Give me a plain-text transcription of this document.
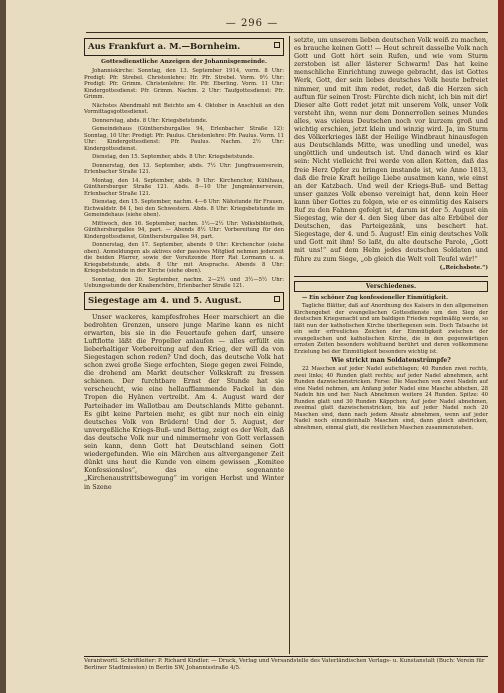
— 296 —
Aus Frankfurt a. M.—Bornheim.
Gottesdienstliche Anzeigen der Johannisgemeinde.

Johanniskirche: Sonntag, den 13. September 1914, vorm. 8 Uhr: Predigt: Pfr. Strebel. Christenlehre: Hr. Pfr. Strebel. Vorm. 9½ Uhr: Predigt: Pfr. Grimm. Christenlehre: Hr. Pfr. Eberling. Vorm. 11 Uhr: Kindergottesdienst: Pfr. Grimm. Nachm. 2 Uhr: Taufgottesdienst: Pfr. Grimm.

Nächstes Abendmahl mit Beichte am 4. Oktober in Anschluß an den Vormittagsgottesdienst.

Donnerstag, abds. 8 Uhr: Kriegsbetstunde.

Gemeindehaus (Günthersburgallee 94, Erlenbacher Straße 12): Sonntag, 10 Uhr: Predigt: Pfr. Paulus. Christenlehre: Pfr. Paulus. Vorm. 11 Uhr: Kindergottesdienst: Pfr. Paulus. Nachm. 2½ Uhr: Kindergottesdienst.

Dienstag, den 15. September, abds. 8 Uhr: Kriegsbetstunde.

Donnerstag, den 13. September, abds. 7½ Uhr: Jungfrauenverein, Erlenbacher Straße 121.

Montag, den 14. September, abds. 9 Uhr: Kirchenchor, Kühlhaus, Günthersburger Straße 121. Abds. 8—10 Uhr Jungmännerverein, Erlenbacher Straße 121.

Dienstag, den 15. September, nachm. 4—6 Uhr: Nähstunde für Frauen, Eichwaldstr. 84 I, bei den Schwestern. Abds. 8 Uhr: Kriegsbetstunde im Gemeindehaus (siehe oben).

Mittwoch, den 16. September, nachm. 1½—2½ Uhr: Volksbibliothek, Günthersburgallee 94, part. — Abends 8½ Uhr: Vorbereitung für den Kindergottesdienst, Günthersburgallee 94, part.

Donnerstag, den 17. September, abends 9 Uhr: Kirchenchor (siehe oben). Anmeldungen als aktives oder passives Mitglied nehmen jederzeit die beiden Pfarrer, sowie der Vorsitzende Herr Rat Lormann u. a. Kriegsbetstunde, abds. 8 Uhr mit Ansprache. Abends 8 Uhr: Kriegsbetstunde in der Kirche (siehe oben).

Sonntag, den 20. September, nachm. 2—2½ und 3½—5½ Uhr: Uebungsstunde der Knabenchöre, Erlenbacher Straße 121.

Siegestage am 4. und 5. August.

Unser wackeres, kampfesfrohes Heer marschiert an die bedrohten Grenzen, unsere junge Marine kann es nicht erwarten, bis sie in die Feuertaufe gehen darf, unsere Luftflotte läßt die Propeller anlaufen — alles erfüllt ein lieberhaltiger Vorbereitung auf den Krieg, der will da von Siegestagen schon reden? Und doch, das deutsche Volk hat schon zwei große Siege erfochten, Siege gegen zwei Feinde, die drohend am Markt deutscher Volkskraft zu fressen schienen. Der furchtbare Ernst der Stunde hat sie verscheucht, wie eine hellaufflammende Fackel in den Tropen die Hyänen vertreibt. Am 4. August ward der Parteihader im Wallotbau am Deutschlands Mitte gebannt. Es gibt keine Parteien mehr, es gibt nur noch ein einig deutsches Volk von Brüdern! Und der 5. August, der unvergeßliche Kriegs-Buß- und Bettag, zeigt es der Welt, daß das deutsche Volk nur und nimmermehr von Gott verlassen sein kann, denn Gott hat Deutschland seinen Gott wiedergefunden. Wie ein Märchen aus altvergangener Zeit dünkt uns heut die Kunde von einem gewissen „Komitee Konfessionslos“, das eine sogenannte „Kirchenaustrittsbewegung“ im vorigen Herbst und Winter in Szene

setzte, um unserem lieben deutschen Volk weiß zu machen, es brauche keinen Gott! — Heut schreit dasselbe Volk nach Gott und Gott hört sein Rufen, und wie vom Sturm zerstoben ist aller lästerer Schwarm! Das hat keine menschliche Einrichtung zuwege gebracht, das ist Gottes Werk, Gott, der sein liebes deutsches Volk heute befreiet nimmer, und mit ihm redet, redet, daß die Herzen sich auftun für seinen Trost: Fürchte dich nicht, ich bin mit dir! Dieser alte Gott redet jetzt mit unserem Volk, unser Volk versteht ihn, wenn nur dem Donnerrollen seines Mundes alles, was vieleus Deutschen noch vor kurzem groß und wichtig erschien, jetzt klein und winzig wird. Ja, im Sturm des Völkerkrieges läßt der Heilige Windbraut hinausfegen aus Deutschlands Mitte, was unedling und unedel, was ungöttlich und undeutsch ist. Und danach wird es klar sein: Nicht vielleicht frei werde von allen Ketten, daß das freie Herz Opfer zu bringen imstande ist, wie Anno 1813, daß die freie Kraft heilige Liebe ausatmen kann, wie einst an der Katzbach. Und weil der Kriegs-Buß- und Bettag unser ganzes Volk ebenso vereinigt hat, denn kein Heer kann über Gottes zu folgen, wie er es einmütig des Kaisers Ruf zu den Fahnen gefolgt ist, darum ist der 5. August ein Siegestag, wie der 4. den Sieg über das alte Erbübel der Deutschen, das Parteigezänk, uns beschert hat. Siegestage, der 4. und 5. August! Ein einig deutsches Volk und Gott mit ihm! So laßt, du alte deutsche Parole, „Gott mit uns!“ auf dem Helm jedes deutschen Soldaten und führe zu zum Siege, „ob gleich die Welt voll Teufel wär!“

(„Reichsbote.“)
Verschiedenes.

— Ein schöner Zug konfessioneller Einmütigkeit.

Tagliche Blätter, daß auf Anordnung des Kaisers in den allgemeinen Kirchengebet der evangelischen Gottesdienste um den Sieg der deutschen Kriegsmacht und um baldigen Frieden regelmäßig werde, so läßt nun der katholischen Kirche überliegenen sein. Doch Tatsache ist ein sehr erfreuliches Zeichen der Einmütigkeit zwischen der evangelischen und katholischen Kirche, die in den gegenwärtigen ernsten Zeiten besonders wohltuend berührt und deren vollkommene Erzielung bei der Einmütigkeit besonders wichtig ist.

Wie strickt man Soldatenstrümpfe?

22 Maschen auf jeder Nadel aufschlagen; 40 Runden zwei rechts, zwei links; 40 Runden glatt rechts; auf jeder Nadel abnehmen, acht Runden dazwischenstricken. Ferse: Die Maschen von zwei Nadeln auf eine Nadel nehmen, am Anfang jeder Nadel eine Masche abheben, 28 Nadeln hin und her. Nach Abnehmen weitere 24 Runden. Spitze: 40 Runden glatt und 30 Runden Käppchen; Auf jeder Nadel abnehmen, zweimal glatt dazwischenstricken, bis auf jeder Nadel noch 20 Maschen sind, dann nach jedem Absatz abnehmen, wenn auf jeder Nadel noch einundeinhalb Maschen sind, dann gleich abstricken, abnehmen, einmal glatt, die restlichen Maschen zusammenziehen.

Verantwortl. Schriftleiter: P. Richard Kindler. — Druck, Verlag und Versandstelle des Vaterländischen Verlags- u. Kunstanstalt (Buch: Verein für Berliner Stadtmission) in Berlin SW, Johannisstraße 4/5.
